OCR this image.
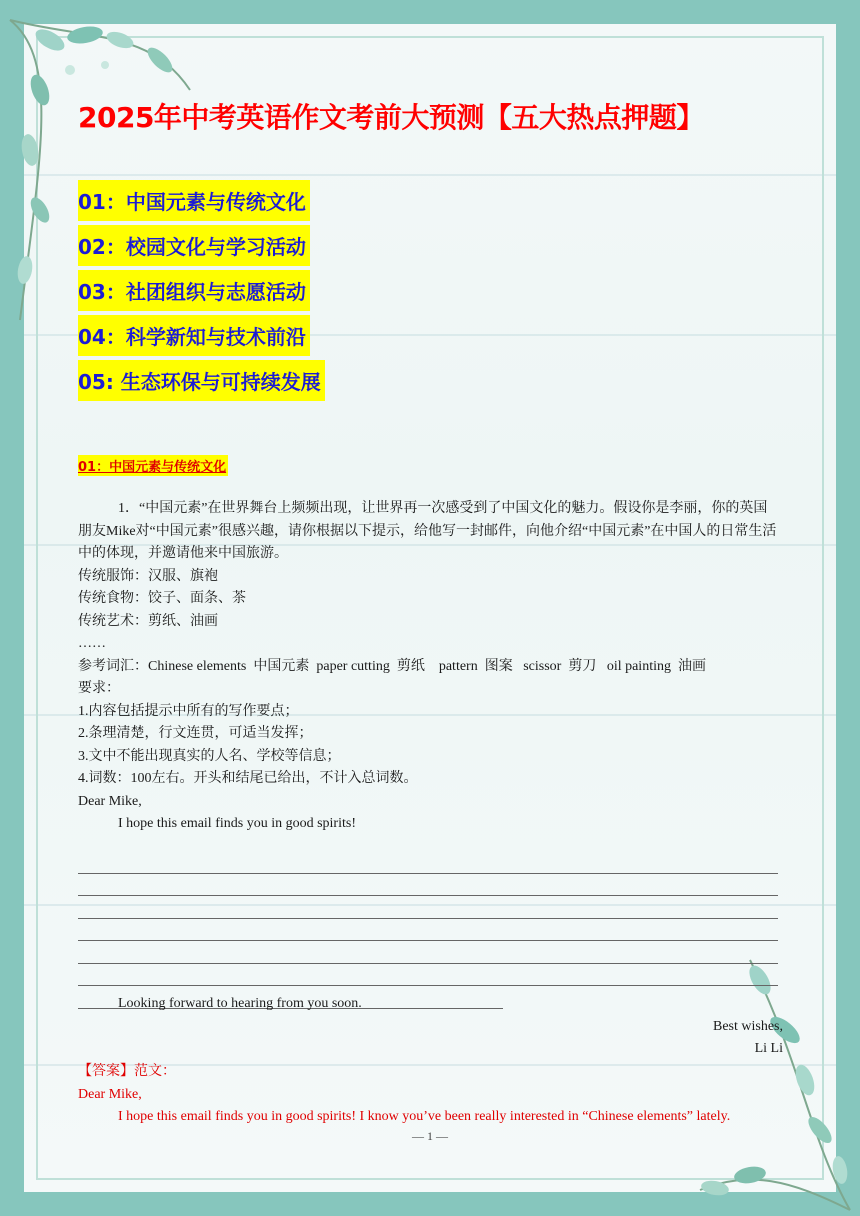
2025年中考英语作文考前大预测【五大热点押题】
01：中国元素与传统文化
02：校园文化与学习活动
03：社团组织与志愿活动
04：科学新知与技术前沿
05: 生态环保与可持续发展
01：中国元素与传统文化

1．“中国元素”在世界舞台上频频出现，让世界再一次感受到了中国文化的魅力。假设你是李丽，你的英国朋友Mike对“中国元素”很感兴趣，请你根据以下提示，给他写一封邮件，向他介绍“中国元素”在中国人的日常生活中的体现，并邀请他来中国旅游。

传统服饰：汉服、旗袍

传统食物：饺子、面条、茶

传统艺术：剪纸、油画

……

参考词汇：Chinese elements  中国元素  paper cutting  剪纸    pattern  图案   scissor  剪刀   oil painting  油画

要求：

1.内容包括提示中所有的写作要点；

2.条理清楚，行文连贯，可适当发挥；

3.文中不能出现真实的人名、学校等信息；

4.词数：100左右。开头和结尾已给出，不计入总词数。

Dear Mike,

I hope this email finds you in good spirits!

Looking forward to hearing from you soon.

Best wishes,

Li Li

【答案】范文：

Dear Mike,

I hope this email finds you in good spirits! I know you’ve been really interested in “Chinese elements” lately.

— 1 —
